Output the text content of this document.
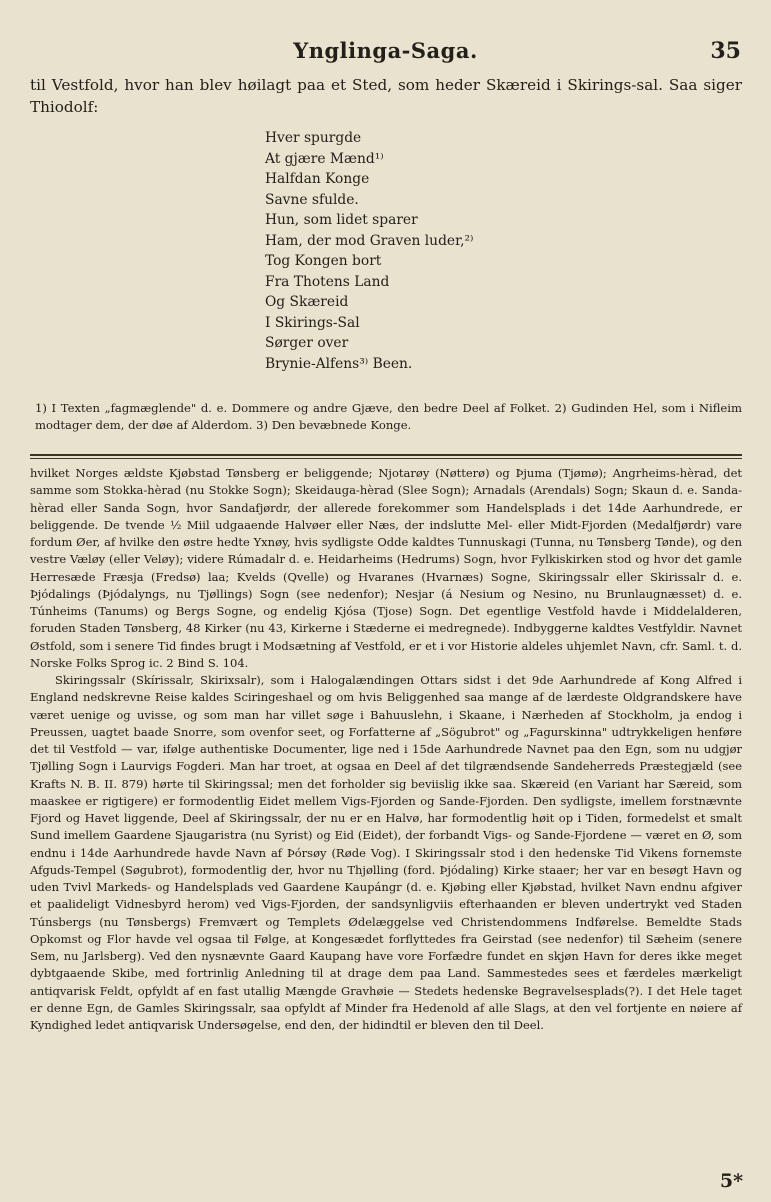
Ynglinga-Saga.	35
til Vestfold, hvor han blev høilagt paa et Sted, som heder Skæreid i Skirings-sal. Saa siger Thiodolf:
Hver spurgde
At gjære Mænd¹⁾
Halfdan Konge
Savne sfulde.
Hun, som lidet sparer
Ham, der mod Graven luder,²⁾
Tog Kongen bort
Fra Thotens Land
Og Skæreid
I Skirings-Sal
Sørger over
Brynie-Alfens³⁾ Been.
1) I Texten „fagmæglende" d. e. Dommere og andre Gjæve, den bedre Deel af Folket. 2) Gudinden Hel, som i Nifleim modtager dem, der døe af Alderdom. 3) Den bevæbnede Konge.

hvilket Norges ældste Kjøbstad Tønsberg er beliggende; Njotarøy (Nøtterø) og Þjuma (Tjømø); Angrheims-hèrad, det samme som Stokka-hèrad (nu Stokke Sogn); Skeidauga-hèrad (Slee Sogn); Arnadals (Arendals) Sogn; Skaun d. e. Sanda-hèrad eller Sanda Sogn, hvor Sandafjørdr, der allerede forekommer som Handelsplads i det 14de Aarhundrede, er beliggende. De tvende ½ Miil udgaaende Halvøer eller Næs, der indslutte Mel- eller Midt-Fjorden (Medalfjørdr) vare fordum Øer, af hvilke den østre hedte Yxnøy, hvis sydligste Odde kaldtes Tunnuskagi (Tunna, nu Tønsberg Tønde), og den vestre Væløy (eller Veløy); videre Rúmadalr d. e. Heidarheims (Hedrums) Sogn, hvor Fylkiskirken stod og hvor det gamle Herresæde Fræsja (Fredsø) laa; Kvelds (Qvelle) og Hvaranes (Hvarnæs) Sogne, Skiringssalr eller Skirissalr d. e. Þjódalings (Þjódalyngs, nu Tjøllings) Sogn (see nedenfor); Nesjar (á Nesium og Nesino, nu Brunlaugnæsset) d. e. Túnheims (Tanums) og Bergs Sogne, og endelig Kjósa (Tjose) Sogn. Det egentlige Vestfold havde i Middelalderen, foruden Staden Tønsberg, 48 Kirker (nu 43, Kirkerne i Stæderne ei medregnede). Indbyggerne kaldtes Vestfyldir. Navnet Østfold, som i senere Tid findes brugt i Modsætning af Vestfold, er et i vor Historie aldeles uhjemlet Navn, cfr. Saml. t. d. Norske Folks Sprog ic. 2 Bind S. 104.

Skiringssalr (Skírissalr, Skirixsalr), som i Halogalændingen Ottars sidst i det 9de Aarhundrede af Kong Alfred i England nedskrevne Reise kaldes Sciringeshael og om hvis Beliggenhed saa mange af de lærdeste Oldgrandskere have været uenige og uvisse, og som man har villet søge i Bahuuslehn, i Skaane, i Nærheden af Stockholm, ja endog i Preussen, uagtet baade Snorre, som ovenfor seet, og Forfatterne af „Sögubrot" og „Fagurskinna" udtrykkeligen henføre det til Vestfold — var, ifølge authentiske Documenter, lige ned i 15de Aarhundrede Navnet paa den Egn, som nu udgjør Tjølling Sogn i Laurvigs Fogderi. Man har troet, at ogsaa en Deel af det tilgrændsende Sandeherreds Præstegjæld (see Krafts N. B. II. 879) hørte til Skiringssal; men det forholder sig beviislig ikke saa. Skæreid (en Variant har Særeid, som maaskee er rigtigere) er formodentlig Eidet mellem Vigs-Fjorden og Sande-Fjorden. Den sydligste, imellem forstnævnte Fjord og Havet liggende, Deel af Skiringssalr, der nu er en Halvø, har formodentlig høit op i Tiden, formedelst et smalt Sund imellem Gaardene Sjaugaristra (nu Syrist) og Eid (Eidet), der forbandt Vigs- og Sande-Fjordene — været en Ø, som endnu i 14de Aarhundrede havde Navn af Þórsøy (Røde Vog). I Skiringssalr stod i den hedenske Tid Vikens fornemste Afguds-Tempel (Søgubrot), formodentlig der, hvor nu Thjølling (ford. Þjódaling) Kirke staaer; her var en besøgt Havn og uden Tvivl Markeds- og Handelsplads ved Gaardene Kaupángr (d. e. Kjøbing eller Kjøbstad, hvilket Navn endnu afgiver et paalideligt Vidnesbyrd herom) ved Vigs-Fjorden, der sandsynligviis efterhaanden er bleven undertrykt ved Staden Túnsbergs (nu Tønsbergs) Fremvært og Templets Ødelæggelse ved Christendommens Indførelse. Bemeldte Stads Opkomst og Flor havde vel ogsaa til Følge, at Kongesædet forflyttedes fra Geirstad (see nedenfor) til Sæheim (senere Sem, nu Jarlsberg). Ved den nysnævnte Gaard Kaupang have vore Forfædre fundet en skjøn Havn for deres ikke meget dybtgaaende Skibe, med fortrinlig Anledning til at drage dem paa Land. Sammestedes sees et færdeles mærkeligt antiqvarisk Feldt, opfyldt af en fast utallig Mængde Gravhøie — Stedets hedenske Begravelsesplads(?). I det Hele taget er denne Egn, de Gamles Skiringssalr, saa opfyldt af Minder fra Hedenold af alle Slags, at den vel fortjente en nøiere af Kyndighed ledet antiqvarisk Undersøgelse, end den, der hidindtil er bleven den til Deel.

5*
